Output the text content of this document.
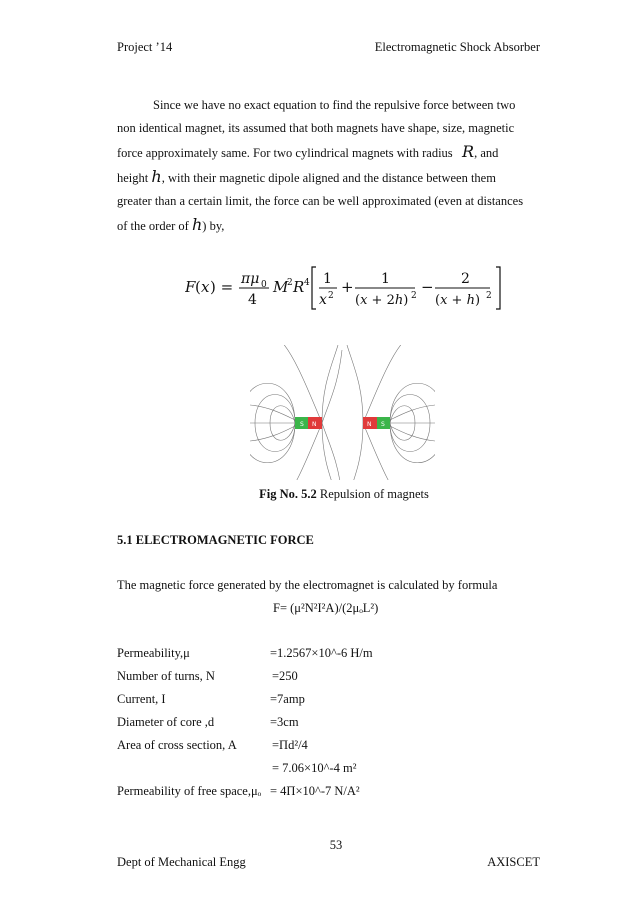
Project ’14	Electromagnetic Shock Absorber
Since we have no exact equation to find the repulsive force between two
non identical magnet, its assumed that both magnets have shape, size, magnetic
force approximately same. For two cylindrical magnets with radius R, and
height h, with their magnetic dipole aligned and the distance between them
greater than a certain limit, the force can be well approximated (even at distances
of the order of h) by,
F ( x ) = πμ 0
4
M
2 R 4 1
x 2 + 1
(x + 2h) 2 − 2
(x + h) 2
S N	N S
Fig No. 5.2 Repulsion of magnets
5.1 ELECTROMAGNETIC FORCE
The magnetic force generated by the electromagnet is calculated by formula
F= (μ²N²I²A)/(2μₒL²)
Permeability,μ	=1.2567×10^-6 H/m
Number of turns, N	=250
Current, I	=7amp
Diameter of core ,d	=3cm
Area of cross section, A	=Πd²/4
= 7.06×10^-4 m²
Permeability of free space,μₒ = 4Π×10^-7 N/A²
53
Dept of Mechanical Engg	AXISCET
